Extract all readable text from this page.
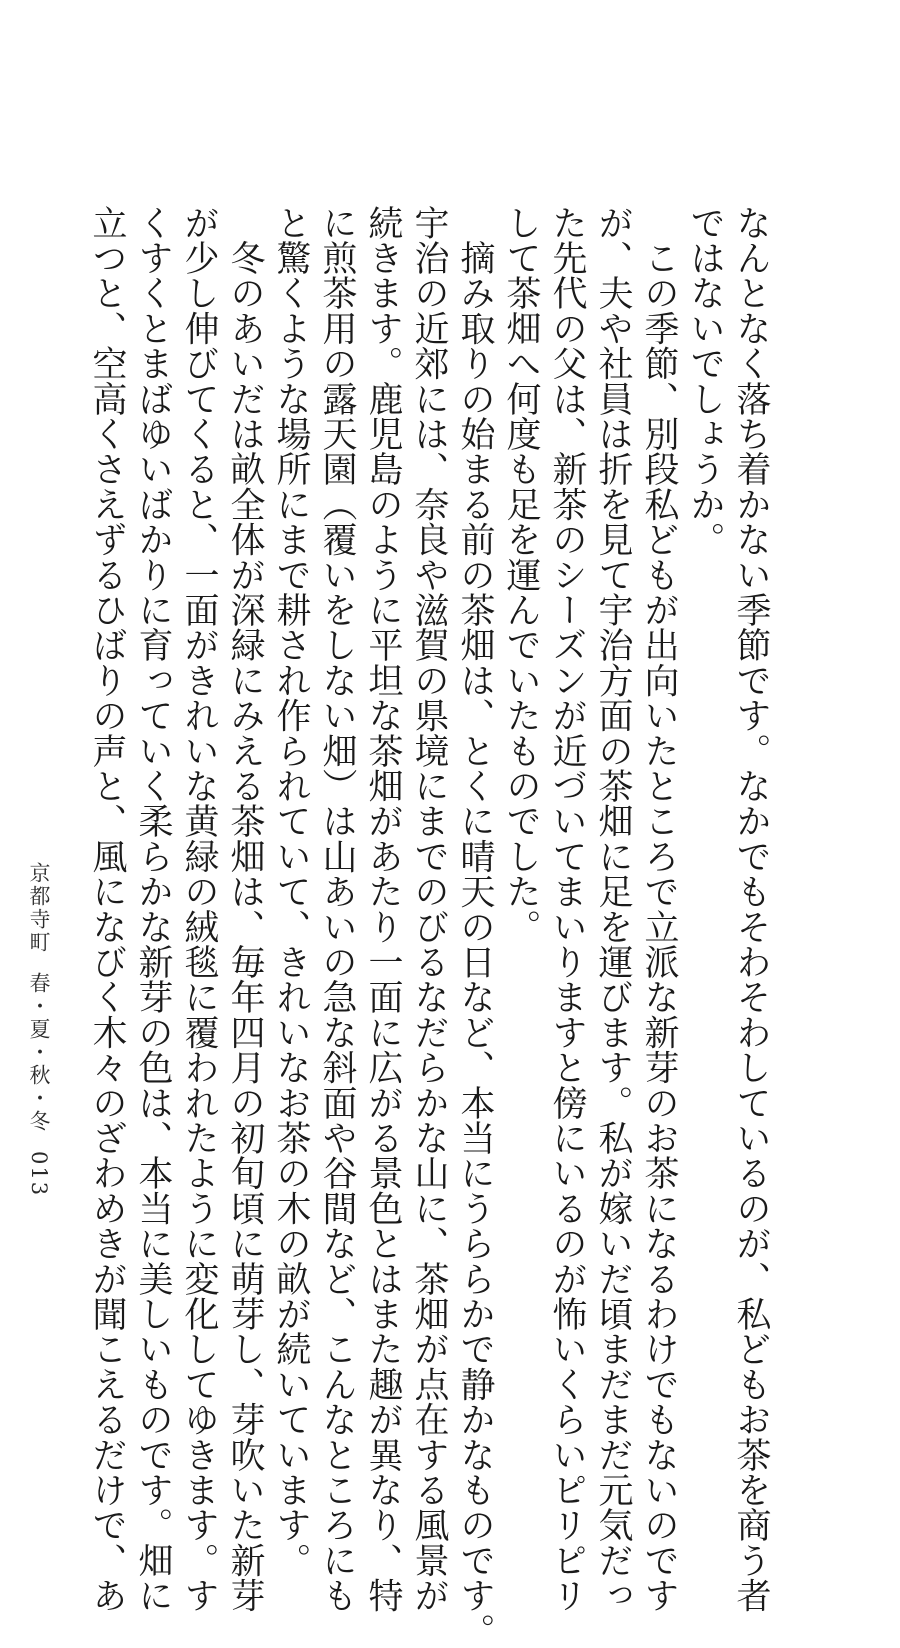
なんとなく落ち着かない季節です。なかでもそわそわしているのが、私どもお茶を商う者

ではないでしょうか。

　この季節、別段私どもが出向いたところで立派な新芽のお茶になるわけでもないのです

が、夫や社員は折を見て宇治方面の茶畑に足を運びます。私が嫁いだ頃まだまだ元気だっ

た先代の父は、新茶のシーズンが近づいてまいりますと傍にいるのが怖いくらいピリピリ

して茶畑へ何度も足を運んでいたものでした。

　摘み取りの始まる前の茶畑は、とくに晴天の日など、本当にうららかで静かなものです。

宇治の近郊には、奈良や滋賀の県境にまでのびるなだらかな山に、茶畑が点在する風景が

続きます。鹿児島のように平坦な茶畑があたり一面に広がる景色とはまた趣が異なり、特

に煎茶用の露天園（覆いをしない畑）は山あいの急な斜面や谷間など、こんなところにも

と驚くような場所にまで耕され作られていて、きれいなお茶の木の畝が続いています。

　冬のあいだは畝全体が深緑にみえる茶畑は、毎年四月の初旬頃に萌芽し、芽吹いた新芽

が少し伸びてくると、一面がきれいな黄緑の絨毯に覆われたように変化してゆきます。す

くすくとまばゆいばかりに育っていく柔らかな新芽の色は、本当に美しいものです。畑に

立つと、空高くさえずるひばりの声と、風になびく木々のざわめきが聞こえるだけで、あ

京都寺町春・夏・秋・冬013
